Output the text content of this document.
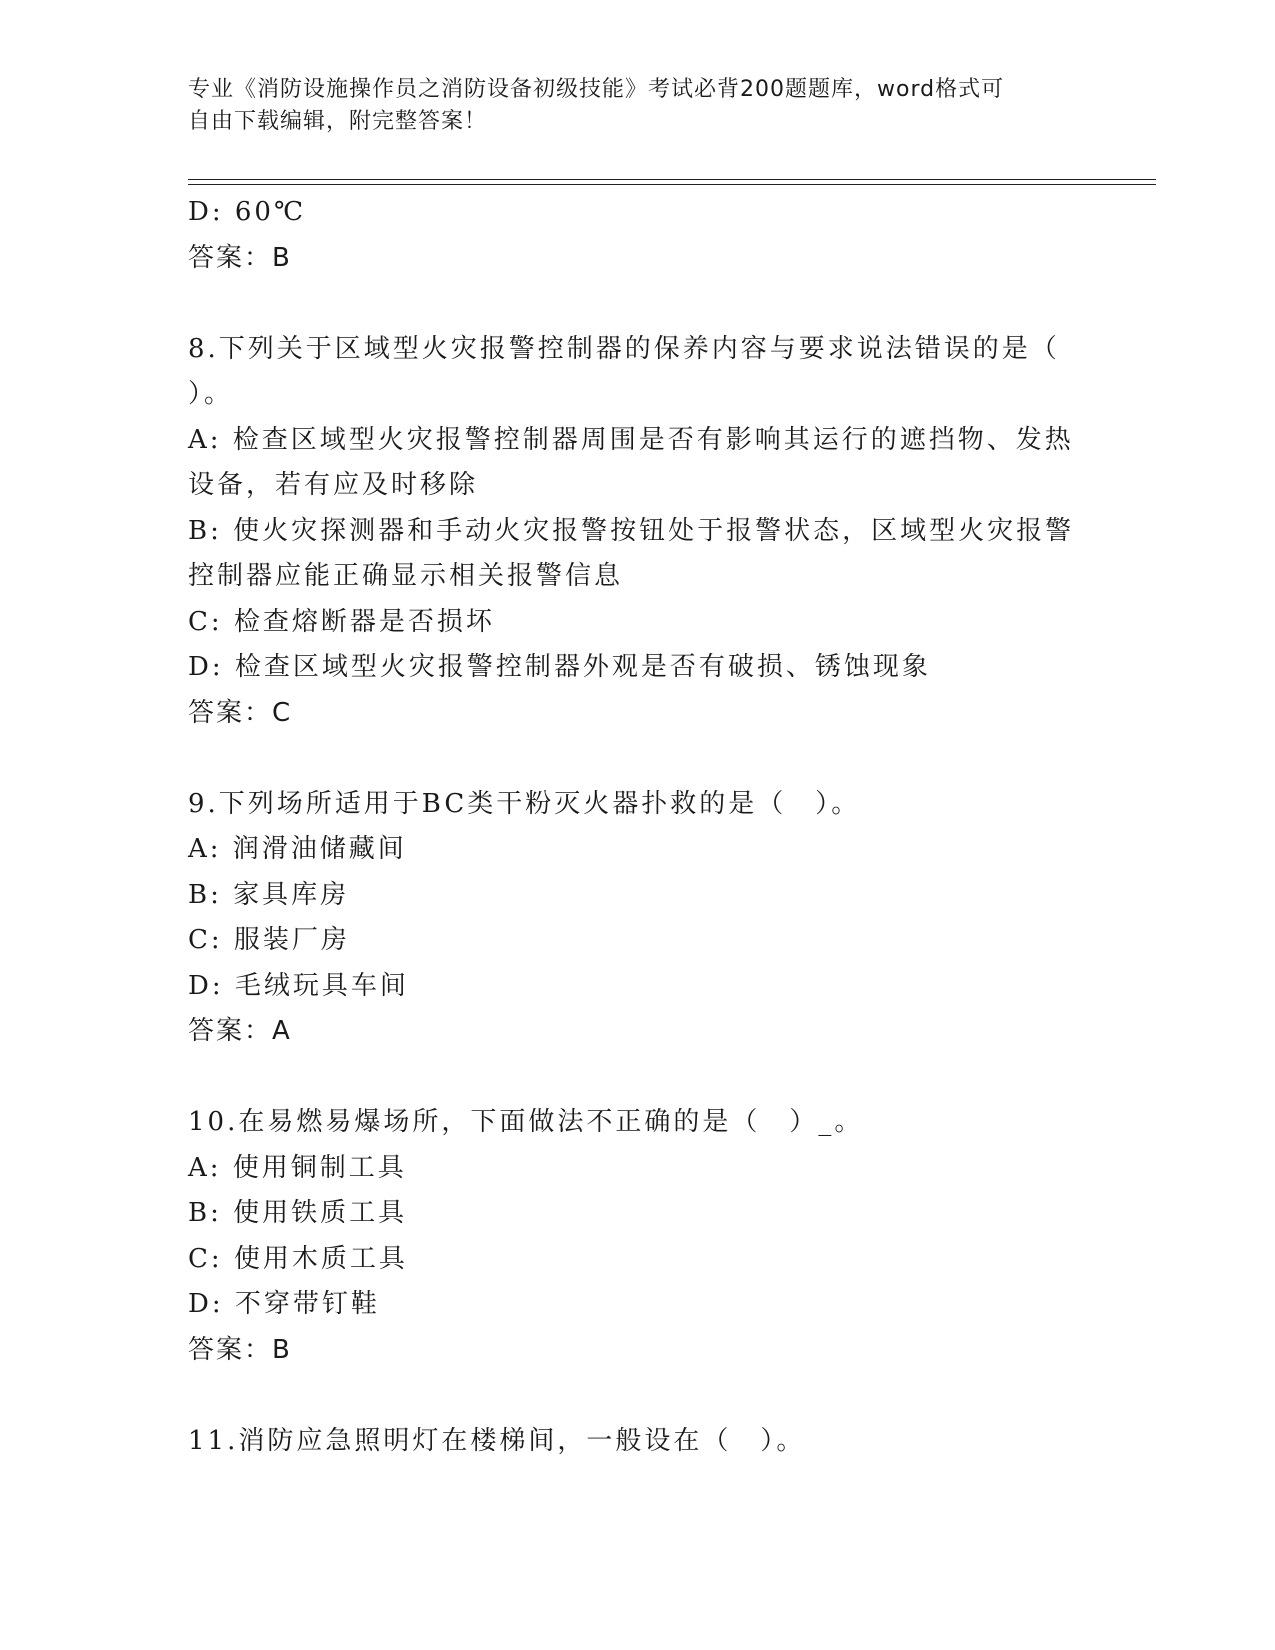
专业《消防设施操作员之消防设备初级技能》考试必背200题题库，word格式可
自由下载编辑，附完整答案！
D: 60℃
答案：B
8.下列关于区域型火灾报警控制器的保养内容与要求说法错误的是（
）。
A: 检查区域型火灾报警控制器周围是否有影响其运行的遮挡物、发热
设备，若有应及时移除
B: 使火灾探测器和手动火灾报警按钮处于报警状态，区域型火灾报警
控制器应能正确显示相关报警信息
C: 检查熔断器是否损坏
D: 检查区域型火灾报警控制器外观是否有破损、锈蚀现象
答案：C
9.下列场所适用于BC类干粉灭火器扑救的是（　）。
A: 润滑油储藏间
B: 家具库房
C: 服装厂房
D: 毛绒玩具车间
答案：A
10.在易燃易爆场所，下面做法不正确的是（　）_。
A: 使用铜制工具
B: 使用铁质工具
C: 使用木质工具
D: 不穿带钉鞋
答案：B
11.消防应急照明灯在楼梯间，一般设在（　）。
